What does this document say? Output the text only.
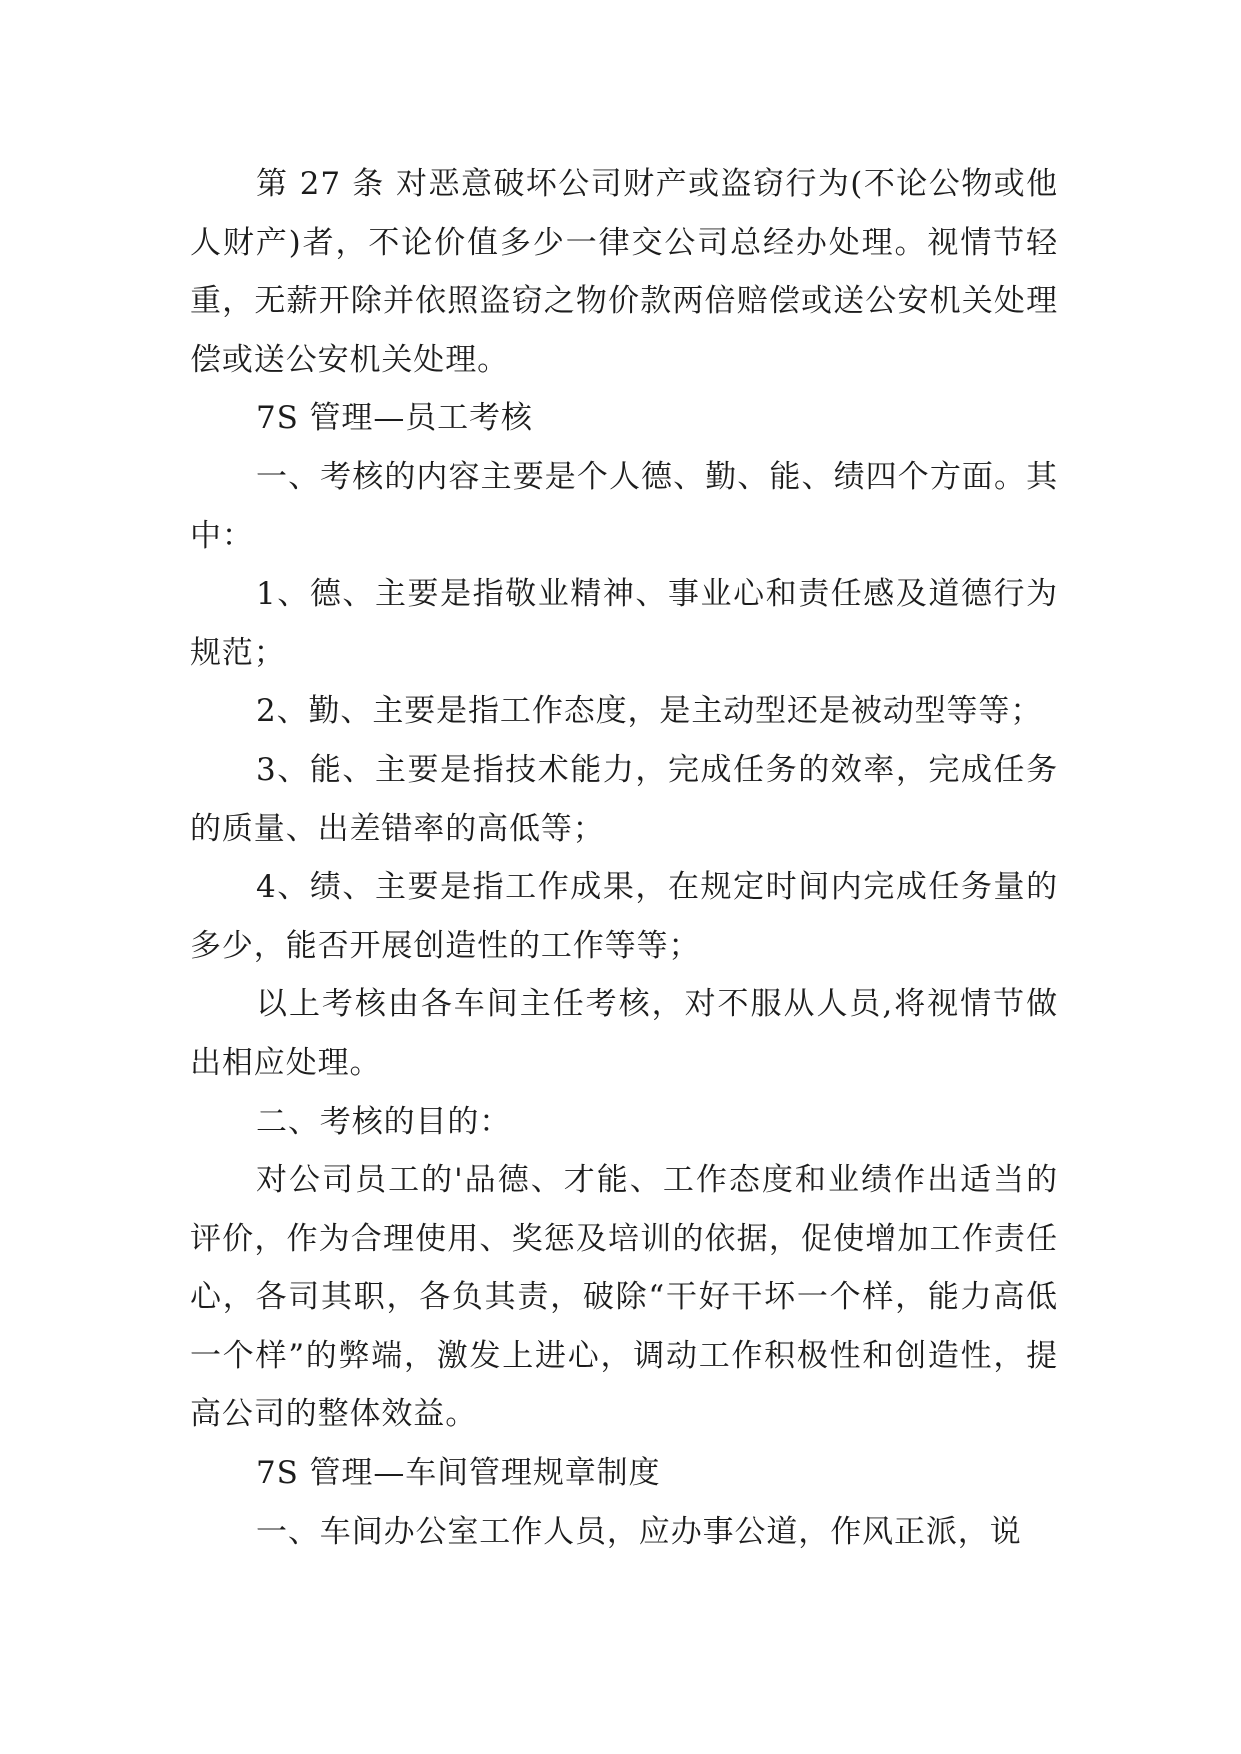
第 27 条 对恶意破坏公司财产或盗窃行为(不论公物或他人财产)者，不论价值多少一律交公司总经办处理。视情节轻重，无薪开除并依照盗窃之物价款两倍赔偿或送公安机关处理偿或送公安机关处理。

7S 管理—员工考核

一、考核的内容主要是个人德、勤、能、绩四个方面。其中：

1、德、主要是指敬业精神、事业心和责任感及道德行为规范；

2、勤、主要是指工作态度，是主动型还是被动型等等；

3、能、主要是指技术能力，完成任务的效率，完成任务的质量、出差错率的高低等；

4、绩、主要是指工作成果，在规定时间内完成任务量的多少，能否开展创造性的工作等等；

以上考核由各车间主任考核，对不服从人员,将视情节做出相应处理。

二、考核的目的：

对公司员工的'品德、才能、工作态度和业绩作出适当的评价，作为合理使用、奖惩及培训的依据，促使增加工作责任心，各司其职，各负其责，破除“干好干坏一个样，能力高低一个样”的弊端，激发上进心，调动工作积极性和创造性，提高公司的整体效益。

7S 管理—车间管理规章制度

一、车间办公室工作人员，应办事公道，作风正派，说
